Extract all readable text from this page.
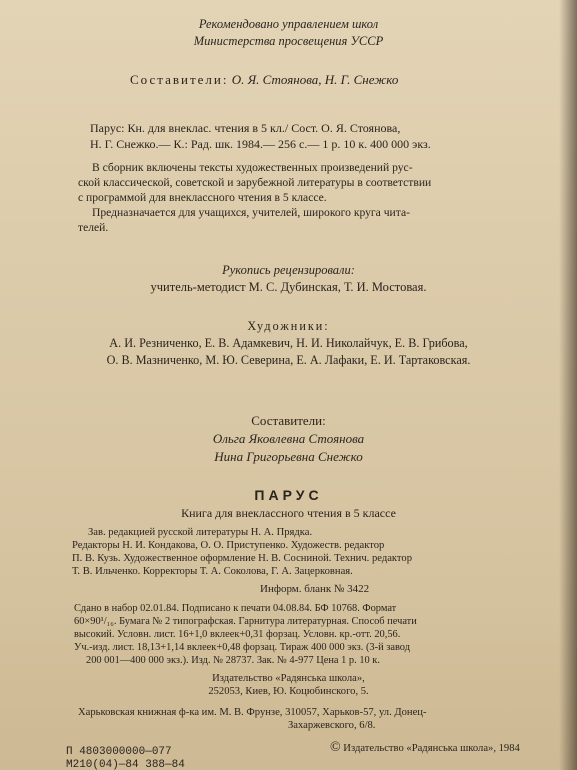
Рекомендовано управлением школ
Министерства просвещения УССР
Составители: О. Я. Стоянова, Н. Г. Снежко
Парус: Кн. для внеклас. чтения в 5 кл./ Сост. О. Я. Стоянова,
Н. Г. Снежко.— К.: Рад. шк. 1984.— 256 с.— 1 р. 10 к. 400 000 экз.
В сборник включены тексты художественных произведений рус-
ской классической, советской и зарубежной литературы в соответствии
с программой для внеклассного чтения в 5 классе.
Предназначается для учащихся, учителей, широкого круга чита-
телей.
Рукопись рецензировали:
учитель-методист М. С. Дубинская, Т. И. Мостовая.
Художники:
А. И. Резниченко, Е. В. Адамкевич, Н. И. Николайчук, Е. В. Грибова,
О. В. Мазниченко, М. Ю. Северина, Е. А. Лафаки, Е. И. Тартаковская.
Составители:
Ольга Яковлевна Стоянова
Нина Григорьевна Снежко
ПАРУС
Книга для внеклассного чтения в 5 классе
Зав. редакцией русской литературы Н. А. Прядка.
Редакторы Н. И. Кондакова, О. О. Приступенко. Художеств. редактор
П. В. Кузь. Художественное оформление Н. В. Сосниной. Технич. редактор
Т. В. Ильченко. Корректоры Т. А. Соколова, Г. А. Зацерковная.
Информ. бланк № 3422
Сдано в набор 02.01.84. Подписано к печати 04.08.84. БФ 10768. Формат
60×90¹/₁₆. Бумага № 2 типографская. Гарнитура литературная. Способ печати
высокий. Условн. лист. 16+1,0 вклеек+0,31 форзац. Условн. кр.-отт. 20,56.
Уч.-изд. лист. 18,13+1,14 вклеек+0,48 форзац. Тираж 400 000 экз. (3-й завод
200 001—400 000 экз.). Изд. № 28737. Зак. № 4-977 Цена 1 р. 10 к.
Издательство «Радянська школа»,
252053, Киев, Ю. Коцюбинского, 5.
Харьковская книжная ф-ка им. М. В. Фрунзе, 310057, Харьков-57, ул. Донец-
Захаржевского, 6/8.
П 4803000000—077
М210(04)—84 388—84
© Издательство «Радянська школа», 1984
